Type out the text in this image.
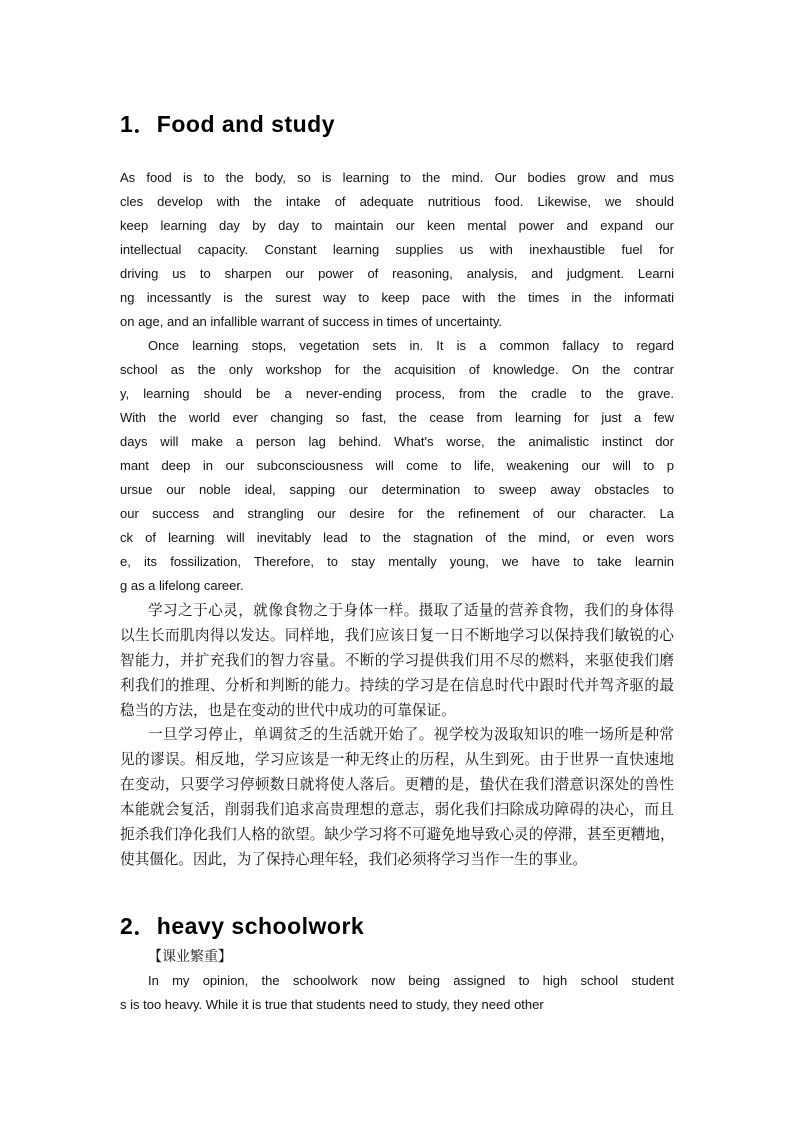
1．Food and study
As food is to the body, so is learning to the mind. Our bodies grow and mus
cles develop with the intake of adequate nutritious food. Likewise, we should
keep learning day by day to maintain our keen mental power and expand our
intellectual capacity. Constant learning supplies us with inexhaustible fuel for
driving us to sharpen our power of reasoning, analysis, and judgment. Learni
ng incessantly is the surest way to keep pace with the times in the informati
on age, and an infallible warrant of success in times of uncertainty.
Once learning stops, vegetation sets in. It is a common fallacy to regard
school as the only workshop for the acquisition of knowledge. On the contrar
y, learning should be a never-ending process, from the cradle to the grave.
With the world ever changing so fast, the cease from learning for just a few
days will make a person lag behind. What's worse, the animalistic instinct dor
mant deep in our subconsciousness will come to life, weakening our will to p
ursue our noble ideal, sapping our determination to sweep away obstacles to
our success and strangling our desire for the refinement of our character. La
ck of learning will inevitably lead to the stagnation of the mind, or even wors
e, its fossilization, Therefore, to stay mentally young, we have to take learnin
g as a lifelong career.
学习之于心灵，就像食物之于身体一样。摄取了适量的营养食物，我们的身体得
以生长而肌肉得以发达。同样地，我们应该日复一日不断地学习以保持我们敏锐的心
智能力，并扩充我们的智力容量。不断的学习提供我们用不尽的燃料，来驱使我们磨
利我们的推理、分析和判断的能力。持续的学习是在信息时代中跟时代并驾齐驱的最
稳当的方法，也是在变动的世代中成功的可靠保证。
一旦学习停止，单调贫乏的生活就开始了。视学校为汲取知识的唯一场所是种常
见的谬误。相反地，学习应该是一种无终止的历程，从生到死。由于世界一直快速地
在变动，只要学习停顿数日就将使人落后。更糟的是，蛰伏在我们潜意识深处的兽性
本能就会复活，削弱我们追求高贵理想的意志，弱化我们扫除成功障碍的决心，而且
扼杀我们净化我们人格的欲望。缺少学习将不可避免地导致心灵的停滞，甚至更糟地，
使其僵化。因此，为了保持心理年轻，我们必须将学习当作一生的事业。
2．heavy schoolwork
【课业繁重】
In my opinion, the schoolwork now being assigned to high school student
s is too heavy. While it is true that students need to study, they need other
